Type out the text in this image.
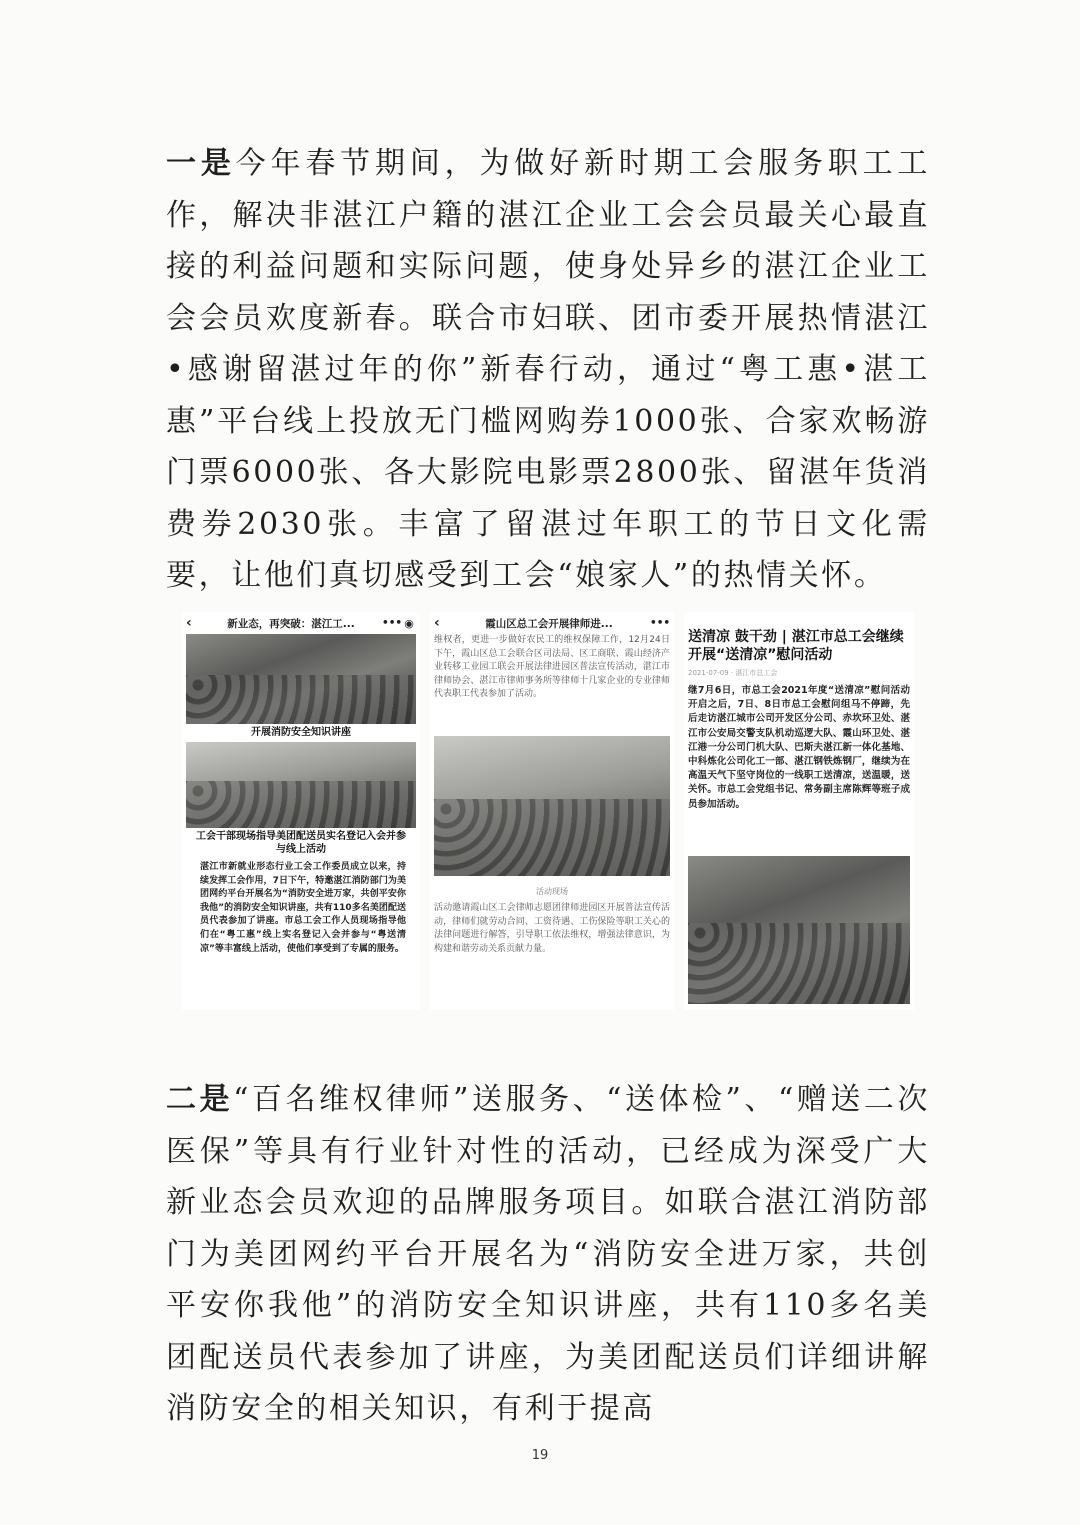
一是今年春节期间，为做好新时期工会服务职工工作，解决非湛江户籍的湛江企业工会会员最关心最直接的利益问题和实际问题，使身处异乡的湛江企业工会会员欢度新春。联合市妇联、团市委开展热情湛江•感谢留湛过年的你”新春行动，通过“粤工惠•湛工惠”平台线上投放无门槛网购券1000张、合家欢畅游门票6000张、各大影院电影票2800张、留湛年货消费券2030张。丰富了留湛过年职工的节日文化需要，让他们真切感受到工会“娘家人”的热情关怀。

‹	新业态，再突破：湛江工...	••• ◉
开展消防安全知识讲座
工会干部现场指导美团配送员实名登记入会并参与线上活动
湛江市新就业形态行业工会工作委员成立以来，持续发挥工会作用，7日下午，特邀湛江消防部门为美团网约平台开展名为“消防安全进万家，共创平安你我他”的消防安全知识讲座，共有110多名美团配送员代表参加了讲座。市总工会工作人员现场指导他们在“粤工惠”线上实名登记入会并参与“粤送清凉”等丰富线上活动，使他们享受到了专属的服务。
‹	霞山区总工会开展律师进...	•••
维权者，更进一步做好农民工的维权保障工作，12月24日下午，霞山区总工会联合区司法局、区工商联、霞山经济产业转移工业园工联会开展法律进园区普法宣传活动，湛江市律师协会、湛江市律师事务所等律师十几家企业的专业律师代表职工代表参加了活动。
活动现场
活动邀请霞山区工会律师志愿团律师进园区开展普法宣传活动，律师们就劳动合同、工资待遇、工伤保险等职工关心的法律问题进行解答，引导职工依法维权，增强法律意识，为构建和谐劳动关系贡献力量。
送清凉 鼓干劲 | 湛江市总工会继续开展“送清凉”慰问活动
2021-07-09 · 湛江市总工会
继7月6日，市总工会2021年度“送清凉”慰问活动开启之后，7日、8日市总工会慰问组马不停蹄，先后走访湛江城市公司开发区分公司、赤坎环卫处、湛江市公安局交警支队机动巡逻大队、霞山环卫处、湛江港一分公司门机大队、巴斯夫湛江新一体化基地、中科炼化公司化工一部、湛江钢铁炼钢厂，继续为在高温天气下坚守岗位的一线职工送清凉，送温暖，送关怀。市总工会党组书记、常务副主席陈辉等班子成员参加活动。

二是“百名维权律师”送服务、“送体检”、“赠送二次医保”等具有行业针对性的活动，已经成为深受广大新业态会员欢迎的品牌服务项目。如联合湛江消防部门为美团网约平台开展名为“消防安全进万家，共创平安你我他”的消防安全知识讲座，共有110多名美团配送员代表参加了讲座，为美团配送员们详细讲解消防安全的相关知识，有利于提高

19
